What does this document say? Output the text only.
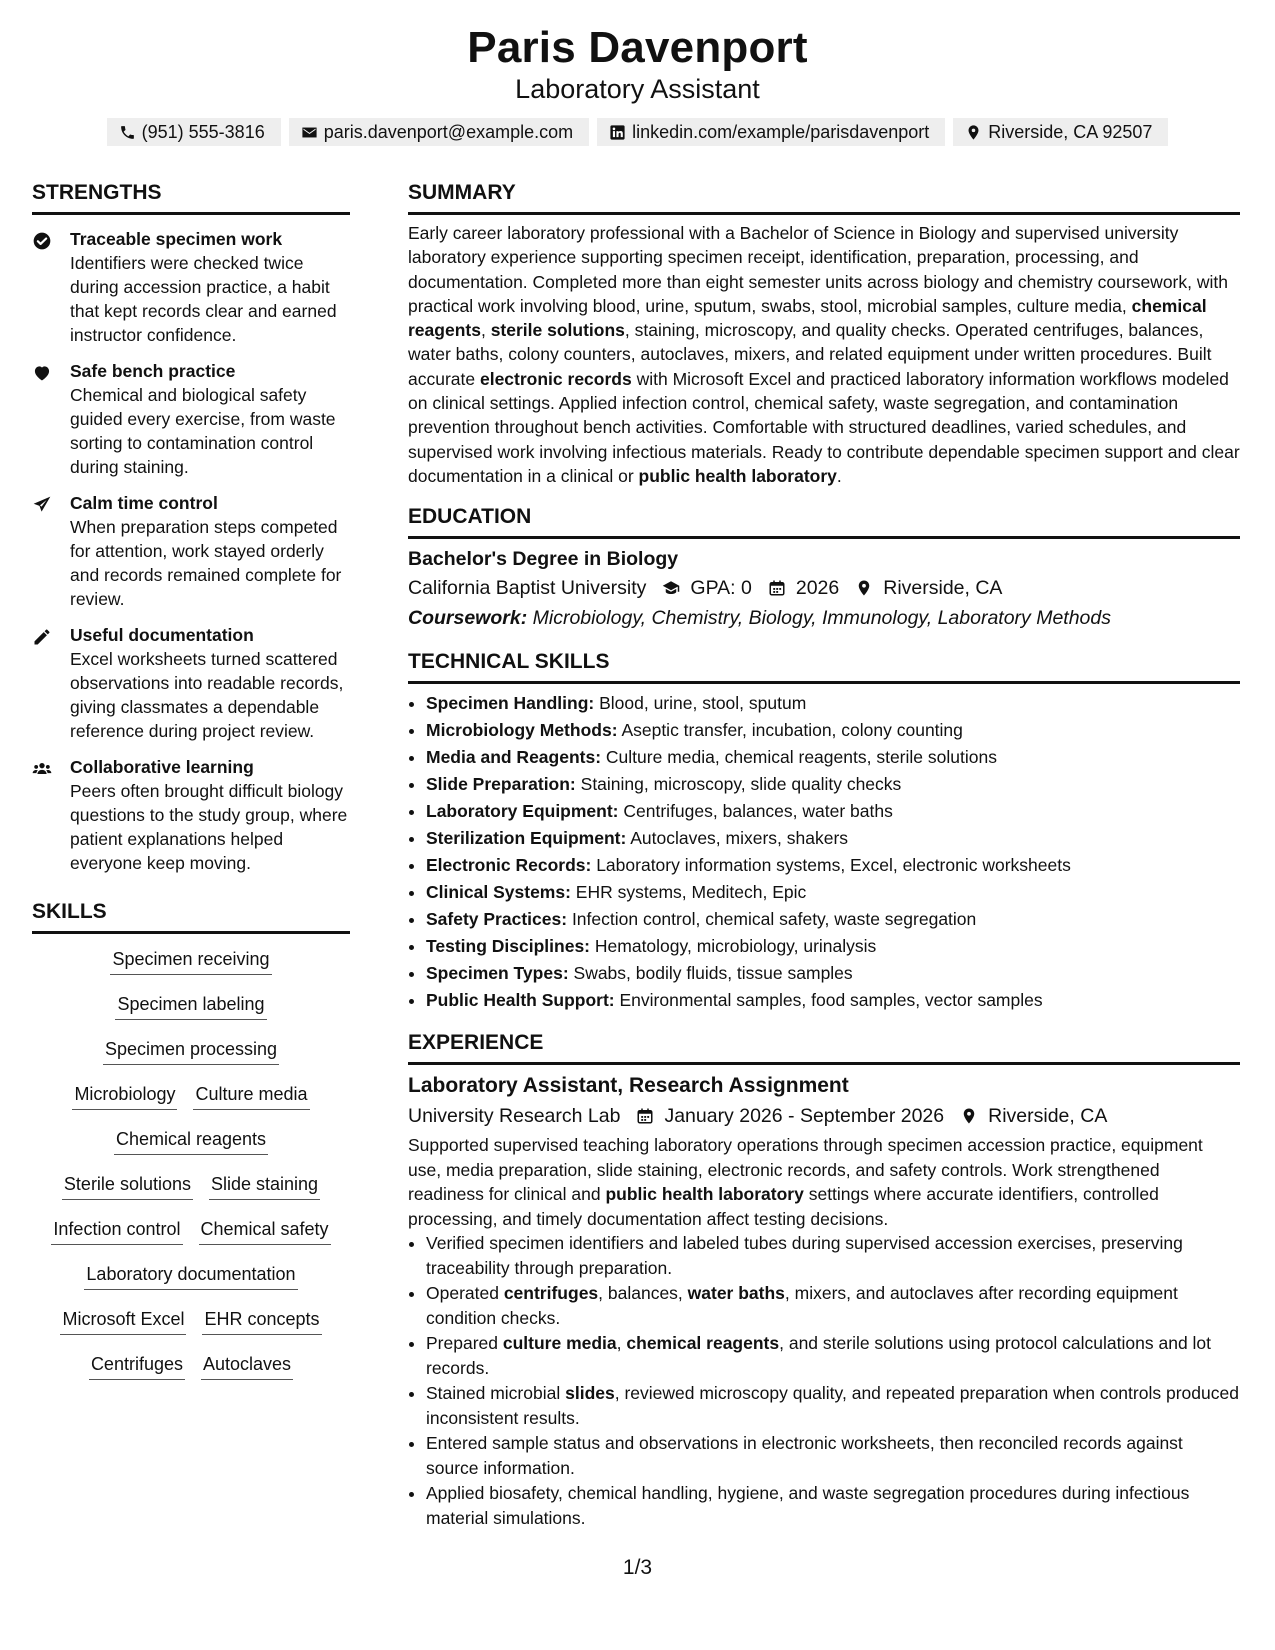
Paris Davenport
Laboratory Assistant
(951) 555-3816	paris.davenport@example.com	linkedin.com/example/parisdavenport	Riverside, CA 92507
STRENGTHS
Traceable specimen work
Identifiers were checked twice during accession practice, a habit that kept records clear and earned instructor confidence.
Safe bench practice
Chemical and biological safety guided every exercise, from waste sorting to contamination control during staining.
Calm time control
When preparation steps competed for attention, work stayed orderly and records remained complete for review.
Useful documentation
Excel worksheets turned scattered observations into readable records, giving classmates a dependable reference during project review.
Collaborative learning
Peers often brought difficult biology questions to the study group, where patient explanations helped everyone keep moving.
SKILLS
Specimen receiving
Specimen labeling
Specimen processing
Microbiology Culture media
Chemical reagents
Sterile solutions Slide staining
Infection control Chemical safety
Laboratory documentation
Microsoft Excel EHR concepts
Centrifuges Autoclaves
SUMMARY
Early career laboratory professional with a Bachelor of Science in Biology and supervised university laboratory experience supporting specimen receipt, identification, preparation, processing, and documentation. Completed more than eight semester units across biology and chemistry coursework, with practical work involving blood, urine, sputum, swabs, stool, microbial samples, culture media, chemical reagents, sterile solutions, staining, microscopy, and quality checks. Operated centrifuges, balances, water baths, colony counters, autoclaves, mixers, and related equipment under written procedures. Built accurate electronic records with Microsoft Excel and practiced laboratory information workflows modeled on clinical settings. Applied infection control, chemical safety, waste segregation, and contamination prevention throughout bench activities. Comfortable with structured deadlines, varied schedules, and supervised work involving infectious materials. Ready to contribute dependable specimen support and clear documentation in a clinical or public health laboratory.
EDUCATION
Bachelor's Degree in Biology
California Baptist University GPA: 0 2026 Riverside, CA
Coursework: Microbiology, Chemistry, Biology, Immunology, Laboratory Methods
TECHNICAL SKILLS
• Specimen Handling: Blood, urine, stool, sputum
• Microbiology Methods: Aseptic transfer, incubation, colony counting
• Media and Reagents: Culture media, chemical reagents, sterile solutions
• Slide Preparation: Staining, microscopy, slide quality checks
• Laboratory Equipment: Centrifuges, balances, water baths
• Sterilization Equipment: Autoclaves, mixers, shakers
• Electronic Records: Laboratory information systems, Excel, electronic worksheets
• Clinical Systems: EHR systems, Meditech, Epic
• Safety Practices: Infection control, chemical safety, waste segregation
• Testing Disciplines: Hematology, microbiology, urinalysis
• Specimen Types: Swabs, bodily fluids, tissue samples
• Public Health Support: Environmental samples, food samples, vector samples
EXPERIENCE
Laboratory Assistant, Research Assignment
University Research Lab January 2026 - September 2026 Riverside, CA
Supported supervised teaching laboratory operations through specimen accession practice, equipment use, media preparation, slide staining, electronic records, and safety controls. Work strengthened readiness for clinical and public health laboratory settings where accurate identifiers, controlled processing, and timely documentation affect testing decisions.
• Verified specimen identifiers and labeled tubes during supervised accession exercises, preserving traceability through preparation.
• Operated centrifuges, balances, water baths, mixers, and autoclaves after recording equipment condition checks.
• Prepared culture media, chemical reagents, and sterile solutions using protocol calculations and lot records.
• Stained microbial slides, reviewed microscopy quality, and repeated preparation when controls produced inconsistent results.
• Entered sample status and observations in electronic worksheets, then reconciled records against source information.
• Applied biosafety, chemical handling, hygiene, and waste segregation procedures during infectious material simulations.
1/3
